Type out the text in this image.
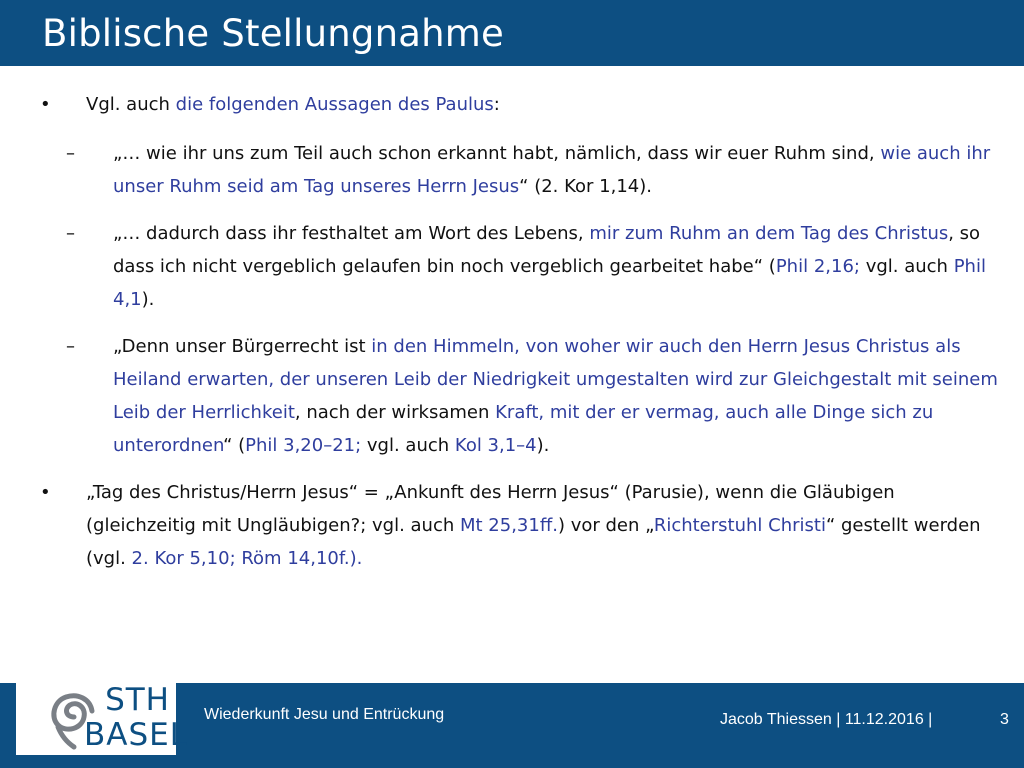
Biblische Stellungnahme
• Vgl. auch die folgenden Aussagen des Paulus:
– „… wie ihr uns zum Teil auch schon erkannt habt, nämlich, dass wir euer Ruhm sind, wie auch ihr unser Ruhm seid am Tag unseres Herrn Jesus“ (2. Kor 1,14).
– „… dadurch dass ihr festhaltet am Wort des Lebens, mir zum Ruhm an dem Tag des Christus, so dass ich nicht vergeblich gelaufen bin noch vergeblich gearbeitet habe“ (Phil 2,16; vgl. auch Phil 4,1).
– „Denn unser Bürgerrecht ist in den Himmeln, von woher wir auch den Herrn Jesus Christus als Heiland erwarten, der unseren Leib der Niedrigkeit umgestalten wird zur Gleichgestalt mit seinem Leib der Herrlichkeit, nach der wirksamen Kraft, mit der er vermag, auch alle Dinge sich zu unterordnen“ (Phil 3,20–21; vgl. auch Kol 3,1–4).
• „Tag des Christus/Herrn Jesus“ = „Ankunft des Herrn Jesus“ (Parusie), wenn die Gläubigen (gleichzeitig mit Ungläubigen?; vgl. auch Mt 25,31ff.) vor den „Richterstuhl Christi“ gestellt werden (vgl. 2. Kor 5,10; Röm 14,10f.).
STH
BASEL
Wiederkunft Jesu und Entrückung	Jacob Thiessen | 11.12.2016 |	3
